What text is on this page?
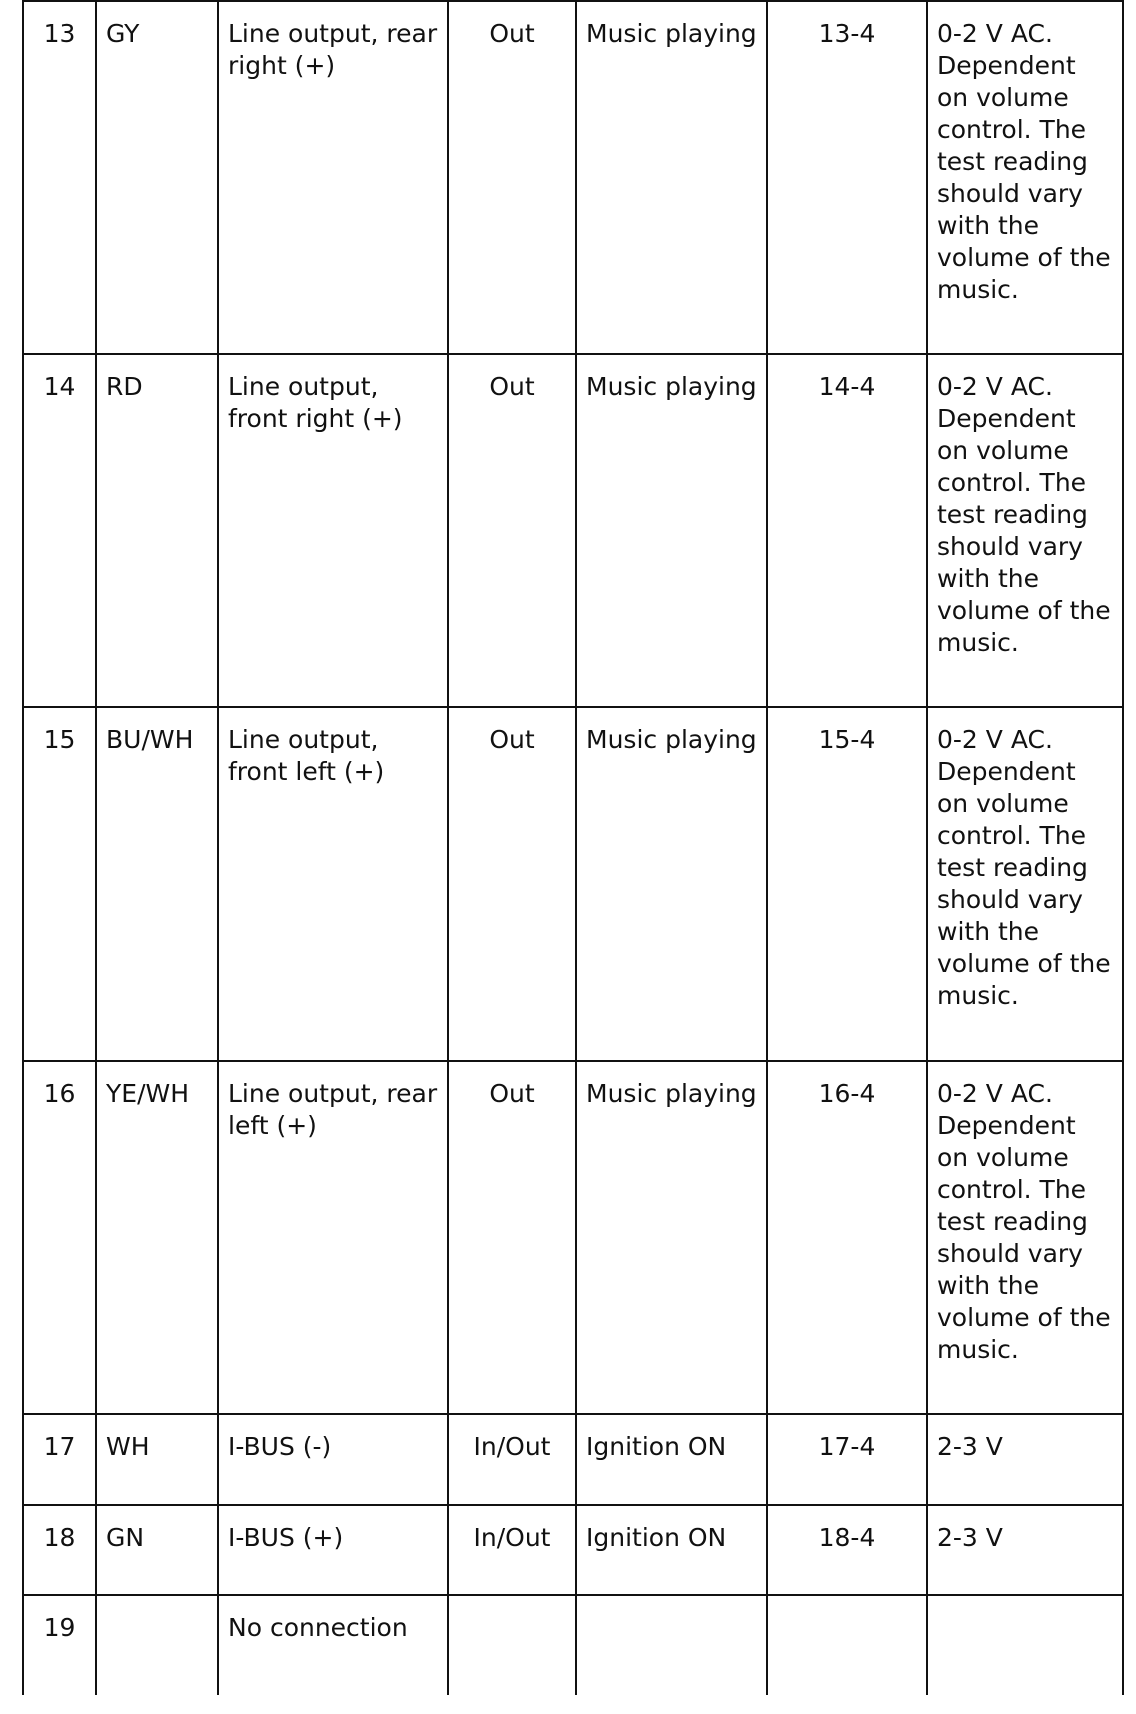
13	GY	Line output, rear right (+)	Out	Music playing	13-4	0-2 V AC. Dependent on volume control. The test reading should vary with the volume of the music.
14	RD	Line output, front right (+)	Out	Music playing	14-4	0-2 V AC. Dependent on volume control. The test reading should vary with the volume of the music.
15	BU/WH	Line output, front left (+)	Out	Music playing	15-4	0-2 V AC. Dependent on volume control. The test reading should vary with the volume of the music.
16	YE/WH	Line output, rear left (+)	Out	Music playing	16-4	0-2 V AC. Dependent on volume control. The test reading should vary with the volume of the music.
17	WH	I-BUS (-)	In/Out	Ignition ON	17-4	2-3 V
18	GN	I-BUS (+)	In/Out	Ignition ON	18-4	2-3 V
19		No connection				
